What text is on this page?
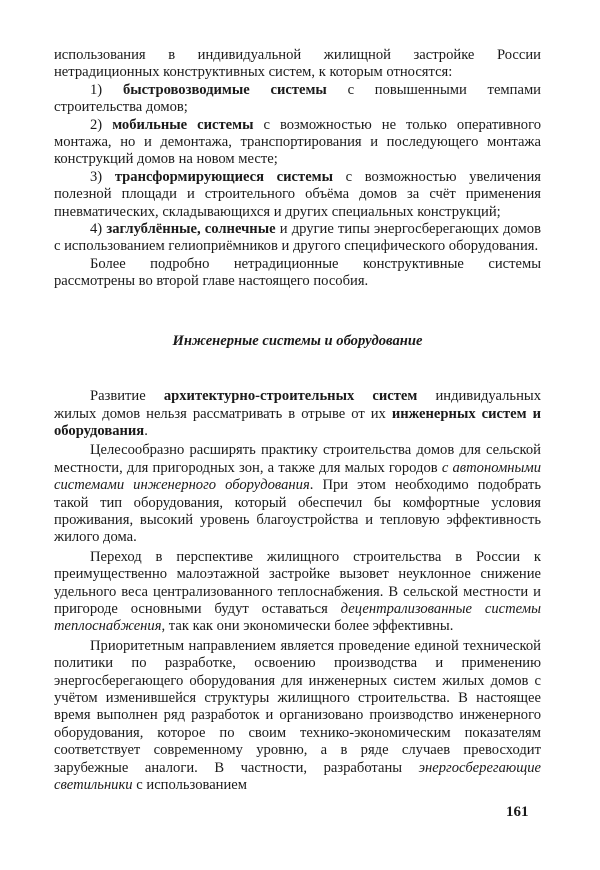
использования в индивидуальной жилищной застройке России нетрадиционных конструктивных систем, к которым относятся:

1) быстровозводимые системы с повышенными темпами строительства домов;

2) мобильные системы с возможностью не только оперативного монтажа, но и демонтажа, транспортирования и последующего монтажа конструкций домов на новом месте;

3) трансформирующиеся системы с возможностью увеличения полезной площади и строительного объёма домов за счёт применения пневматических, складывающихся и других специальных конструкций;

4) заглублённые, солнечные и другие типы энергосберегающих домов с использованием гелиоприёмников и другого специфического оборудования.

Более подробно нетрадиционные конструктивные системы рассмотрены во второй главе настоящего пособия.

Инженерные системы и оборудование

Развитие архитектурно-строительных систем индивидуальных жилых домов нельзя рассматривать в отрыве от их инженерных систем и оборудования.

Целесообразно расширять практику строительства домов для сельской местности, для пригородных зон, а также для малых городов с автономными системами инженерного оборудования. При этом необходимо подобрать такой тип оборудования, который обеспечил бы комфортные условия проживания, высокий уровень благоустройства и тепловую эффективность жилого дома.

Переход в перспективе жилищного строительства в России к преимущественно малоэтажной застройке вызовет неуклонное снижение удельного веса централизованного теплоснабжения. В сельской местности и пригороде основными будут оставаться децентрализованные системы теплоснабжения, так как они экономически более эффективны.

Приоритетным направлением является проведение единой технической политики по разработке, освоению производства и применению энергосберегающего оборудования для инженерных систем жилых домов с учётом изменившейся структуры жилищного строительства. В настоящее время выполнен ряд разработок и организовано производство инженерного оборудования, которое по своим технико-экономическим показателям соответствует современному уровню, а в ряде случаев превосходит зарубежные аналоги. В частности, разработаны энергосберегающие светильники с использованием

161
